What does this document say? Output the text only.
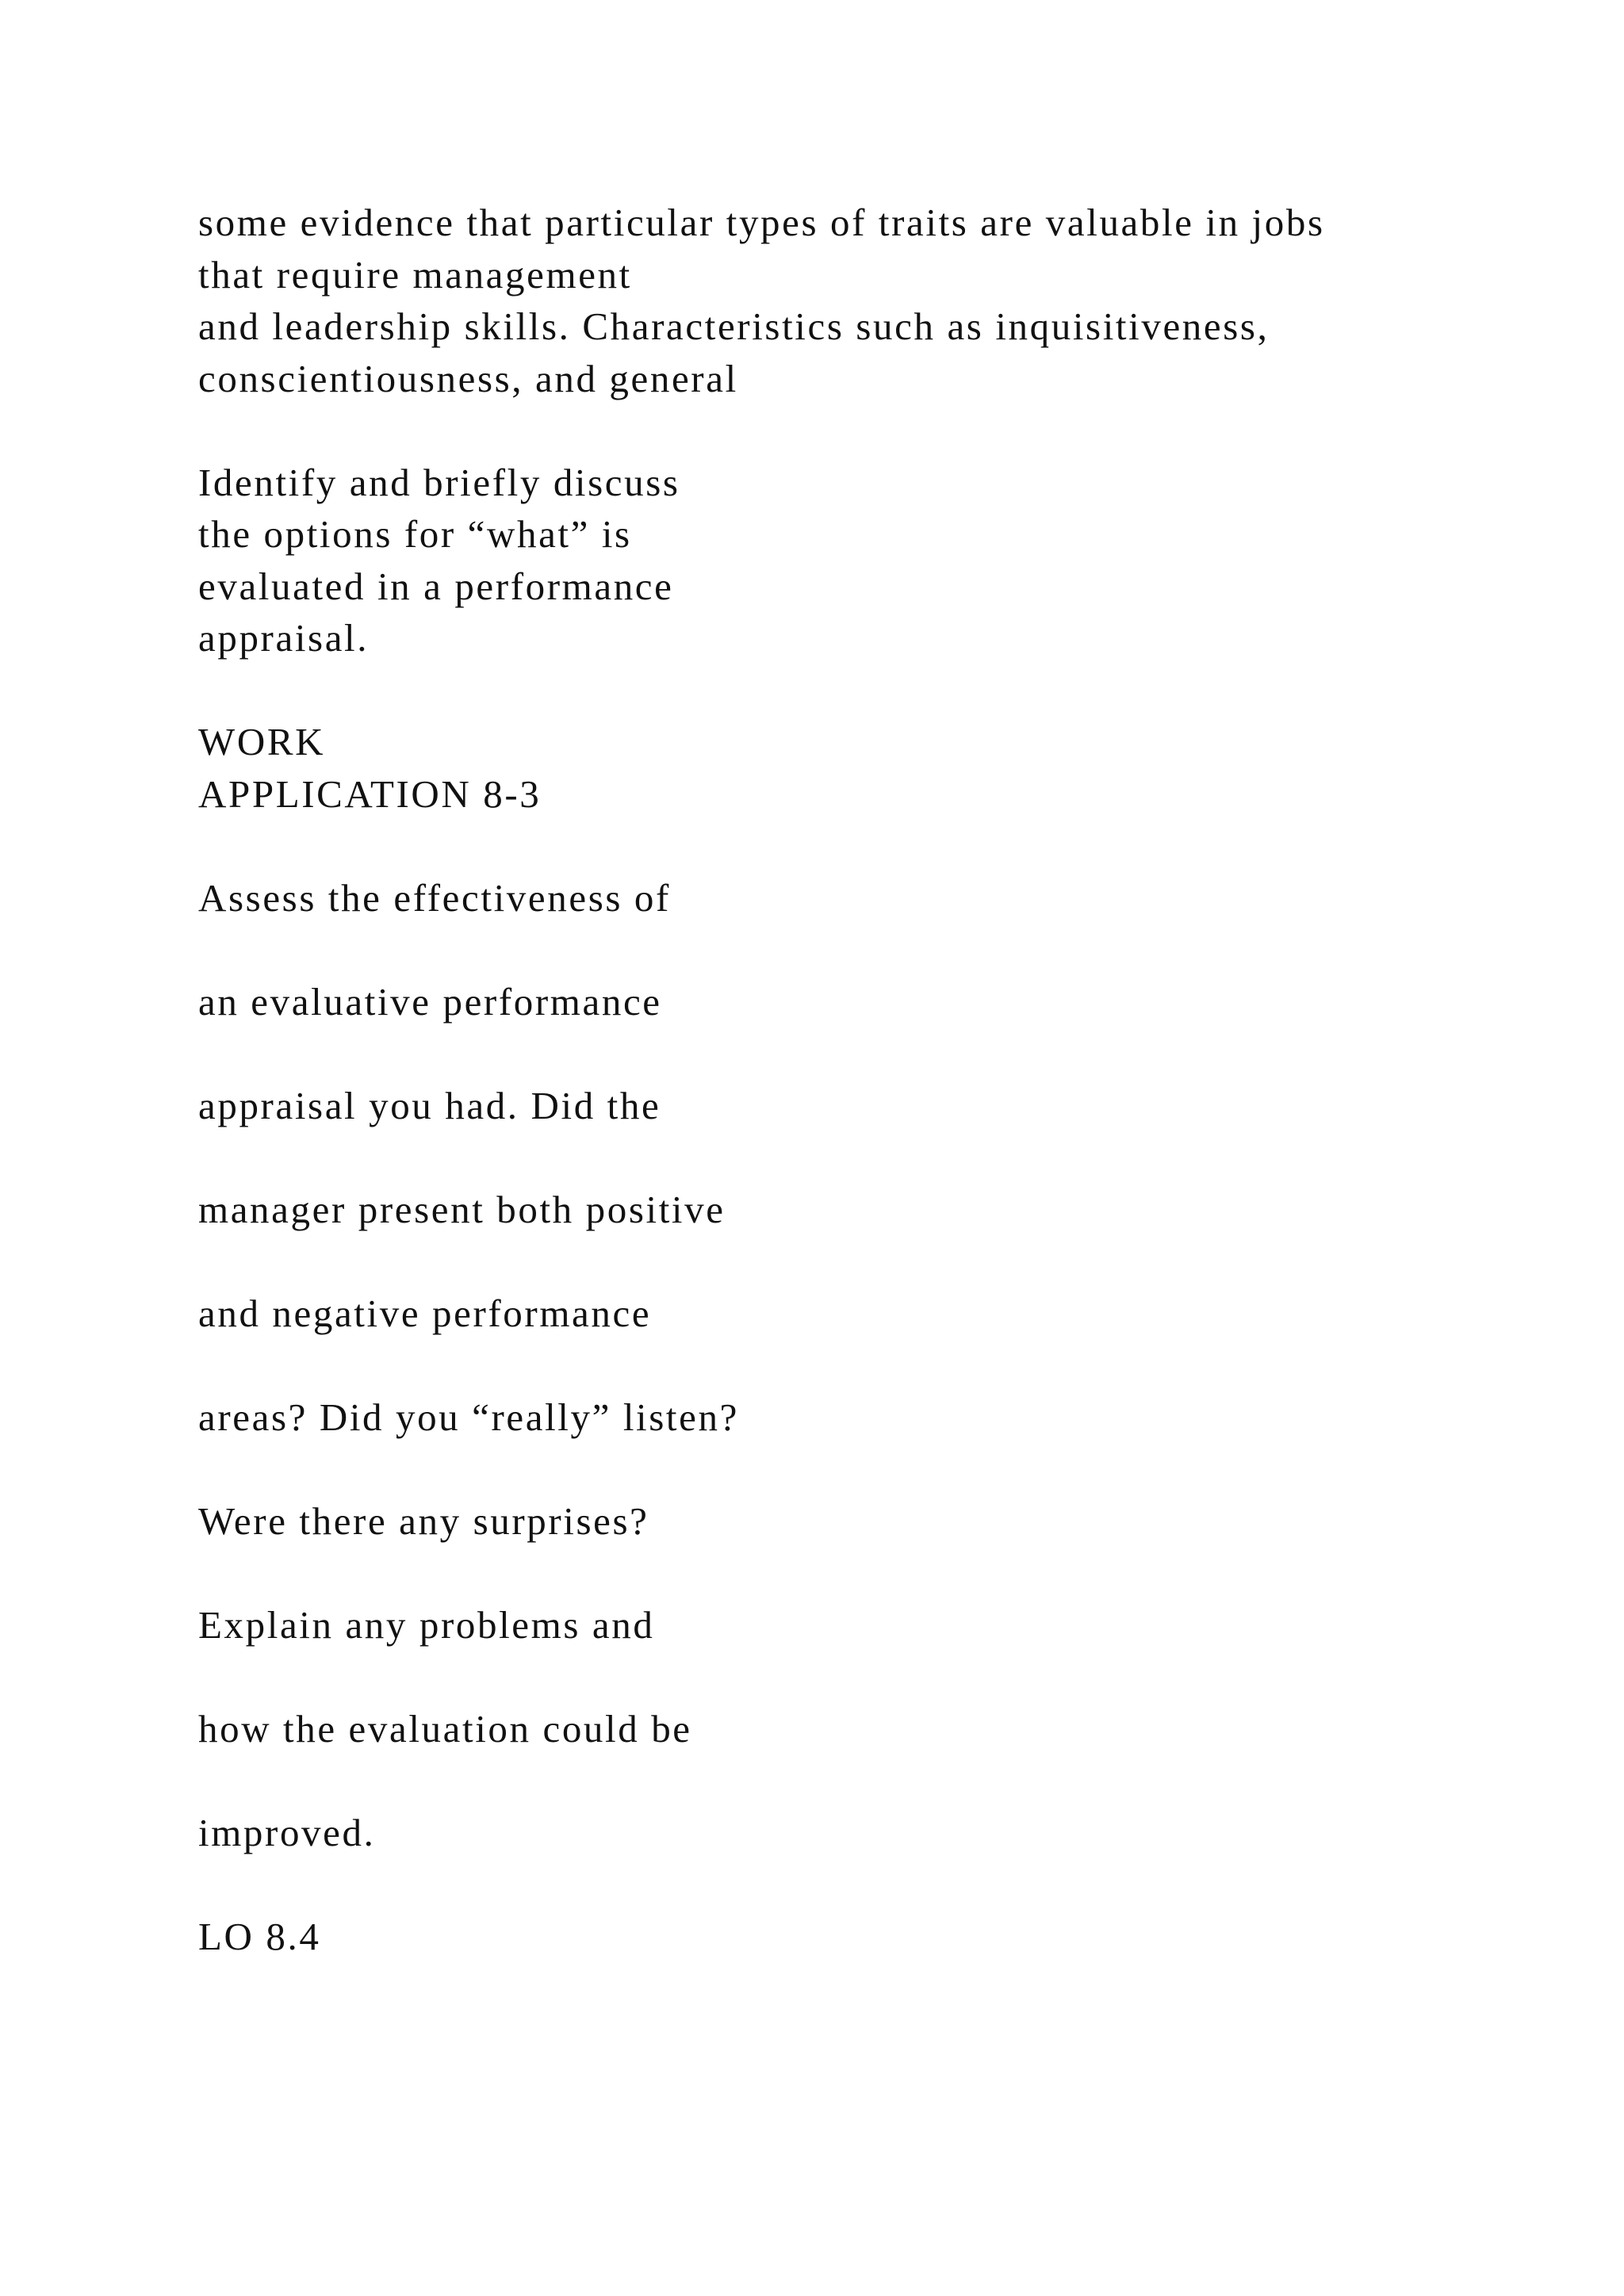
some evidence that particular types of traits are valuable in jobs
that require management
and leadership skills. Characteristics such as inquisitiveness,
conscientiousness, and general
Identify and briefly discuss
the options for “what” is
evaluated in a performance
appraisal.
WORK
APPLICATION 8-3
Assess the effectiveness of
an evaluative performance
appraisal you had. Did the
manager present both positive
and negative performance
areas? Did you “really” listen?
Were there any surprises?
Explain any problems and
how the evaluation could be
improved.
LO 8.4
